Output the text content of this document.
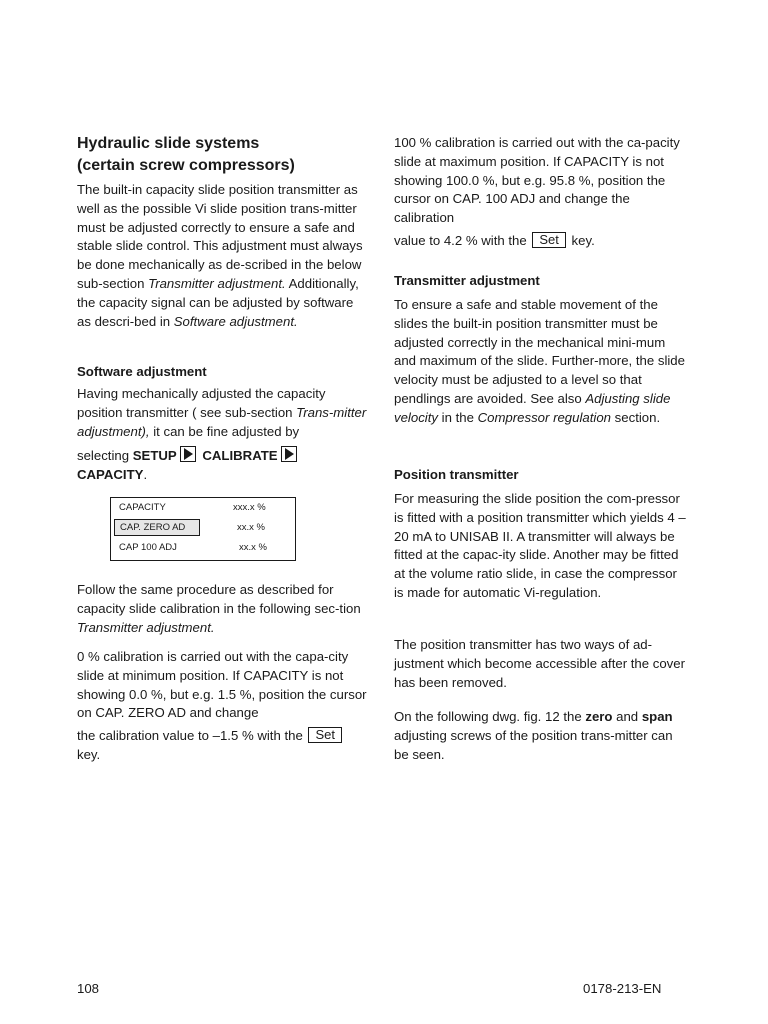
Hydraulic slide systems
(certain screw compressors)

The built-in capacity slide position transmitter as well as the possible Vi slide position trans-mitter must be adjusted correctly to ensure a safe and stable slide control. This adjustment must always be done mechanically as de-scribed in the below sub-section Transmitter adjustment. Additionally, the capacity signal can be adjusted by software as descri-bed in Software adjustment.

Software adjustment

Having mechanically adjusted the capacity position transmitter ( see sub-section Trans-mitter adjustment), it can be fine adjusted by

selecting SETUP CALIBRATE
CAPACITY.

Follow the same procedure as described for capacity slide calibration in the following sec-tion Transmitter adjustment.

0 % calibration is carried out with the capa-city slide at minimum position. If CAPACITY is not showing 0.0 %, but e.g. 1.5 %, position the cursor on CAP. ZERO AD and change

the calibration value to –1.5 % with the Set
key.

CAPACITY	xxx.x %
CAP. ZERO AD	xx.x %
CAP 100 ADJ	xx.x %

100 % calibration is carried out with the ca-pacity slide at maximum position. If CAPACITY is not showing 100.0 %, but e.g. 95.8 %, position the cursor on CAP. 100 ADJ and change the calibration

value to 4.2 % with the Set key.

Transmitter adjustment

To ensure a safe and stable movement of the slides the built-in position transmitter must be adjusted correctly in the mechanical mini-mum and maximum of the slide. Further-more, the slide velocity must be adjusted to a level so that pendlings are avoided. See also Adjusting slide velocity in the Compressor regulation section.

Position transmitter

For measuring the slide position the com-pressor is fitted with a position transmitter which yields 4 – 20 mA to UNISAB II. A transmitter will always be fitted at the capac-ity slide. Another may be fitted at the volume ratio slide, in case the compressor is made for automatic Vi-regulation.

The position transmitter has two ways of ad-justment which become accessible after the cover has been removed.

On the following dwg. fig. 12 the zero and span adjusting screws of the position trans-mitter can be seen.

108	0178-213-EN
